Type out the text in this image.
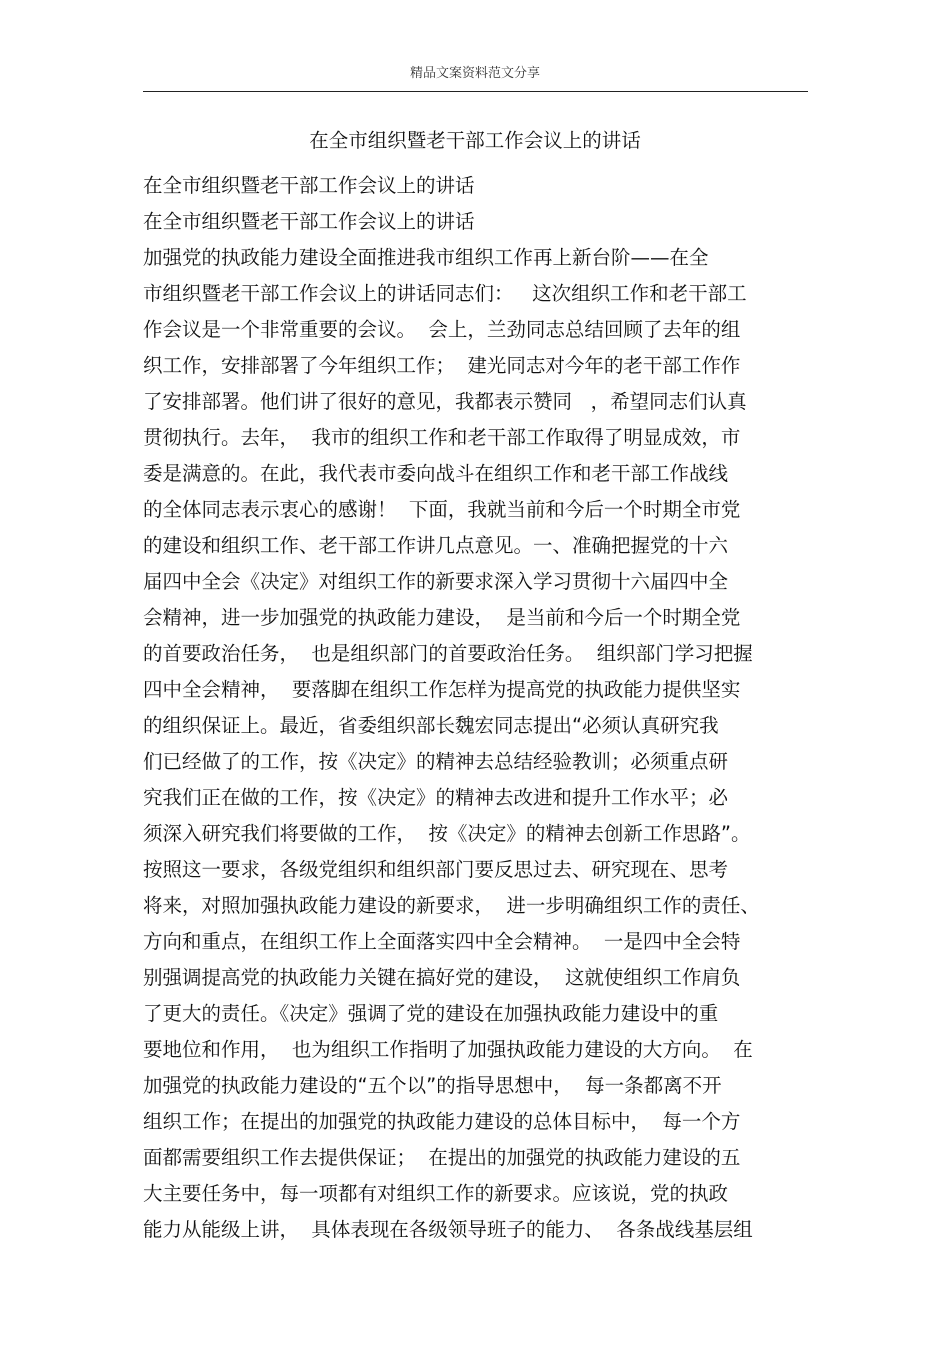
精品文案资料范文分享
在全市组织暨老干部工作会议上的讲话
在全市组织暨老干部工作会议上的讲话
在全市组织暨老干部工作会议上的讲话
加强党的执政能力建设全面推进我市组织工作再上新台阶——在全
市组织暨老干部工作会议上的讲话同志们：   这次组织工作和老干部工
作会议是一个非常重要的会议。  会上，兰劲同志总结回顾了去年的组
织工作，安排部署了今年组织工作；  建光同志对今年的老干部工作作
了安排部署。他们讲了很好的意见，我都表示赞同   ，希望同志们认真
贯彻执行。去年，  我市的组织工作和老干部工作取得了明显成效，市
委是满意的。在此，我代表市委向战斗在组织工作和老干部工作战线
的全体同志表示衷心的感谢！  下面，我就当前和今后一个时期全市党
的建设和组织工作、老干部工作讲几点意见。一、准确把握党的十六
届四中全会《决定》对组织工作的新要求深入学习贯彻十六届四中全
会精神，进一步加强党的执政能力建设，  是当前和今后一个时期全党
的首要政治任务，  也是组织部门的首要政治任务。  组织部门学习把握
四中全会精神，  要落脚在组织工作怎样为提高党的执政能力提供坚实
的组织保证上。最近，省委组织部长魏宏同志提出“必须认真研究我
们已经做了的工作，按《决定》的精神去总结经验教训；必须重点研
究我们正在做的工作，按《决定》的精神去改进和提升工作水平；必
须深入研究我们将要做的工作，  按《决定》的精神去创新工作思路”。
按照这一要求，各级党组织和组织部门要反思过去、研究现在、思考
将来，对照加强执政能力建设的新要求，  进一步明确组织工作的责任、
方向和重点，在组织工作上全面落实四中全会精神。  一是四中全会特
别强调提高党的执政能力关键在搞好党的建设，  这就使组织工作肩负
了更大的责任。《决定》强调了党的建设在加强执政能力建设中的重
要地位和作用，  也为组织工作指明了加强执政能力建设的大方向。  在
加强党的执政能力建设的“五个以”的指导思想中，  每一条都离不开
组织工作；在提出的加强党的执政能力建设的总体目标中，  每一个方
面都需要组织工作去提供保证；  在提出的加强党的执政能力建设的五
大主要任务中，每一项都有对组织工作的新要求。应该说，党的执政
能力从能级上讲，  具体表现在各级领导班子的能力、  各条战线基层组
